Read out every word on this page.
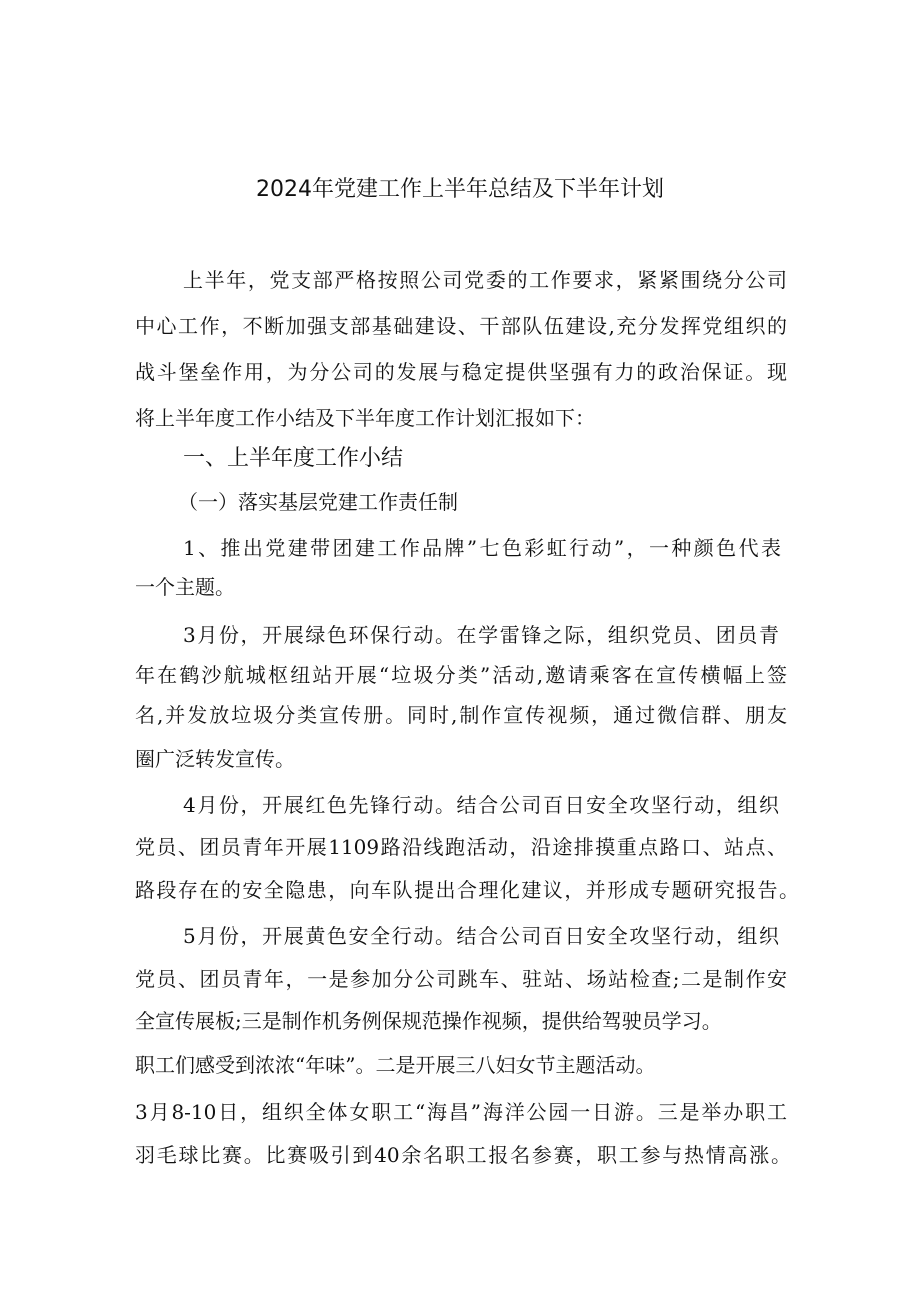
2024年党建工作上半年总结及下半年计划
上半年，党支部严格按照公司党委的工作要求，紧紧围绕分公司
中心工作，不断加强支部基础建设、干部队伍建设,充分发挥党组织的
战斗堡垒作用，为分公司的发展与稳定提供坚强有力的政治保证。现
将上半年度工作小结及下半年度工作计划汇报如下：
一、上半年度工作小结
（一）落实基层党建工作责任制
1、推出党建带团建工作品牌”七色彩虹行动”，一种颜色代表
一个主题。
3月份，开展绿色环保行动。在学雷锋之际，组织党员、团员青
年在鹤沙航城枢纽站开展“垃圾分类”活动,邀请乘客在宣传横幅上签
名,并发放垃圾分类宣传册。同时,制作宣传视频，通过微信群、朋友
圈广泛转发宣传。
4月份，开展红色先锋行动。结合公司百日安全攻坚行动，组织
党员、团员青年开展1109路沿线跑活动，沿途排摸重点路口、站点、
路段存在的安全隐患，向车队提出合理化建议，并形成专题研究报告。
5月份，开展黄色安全行动。结合公司百日安全攻坚行动，组织
党员、团员青年，一是参加分公司跳车、驻站、场站检查;二是制作安
全宣传展板;三是制作机务例保规范操作视频，提供给驾驶员学习。
职工们感受到浓浓“年味”。二是开展三八妇女节主题活动。
3月8-10日，组织全体女职工“海昌”海洋公园一日游。三是举办职工
羽毛球比赛。比赛吸引到40余名职工报名参赛，职工参与热情高涨。
